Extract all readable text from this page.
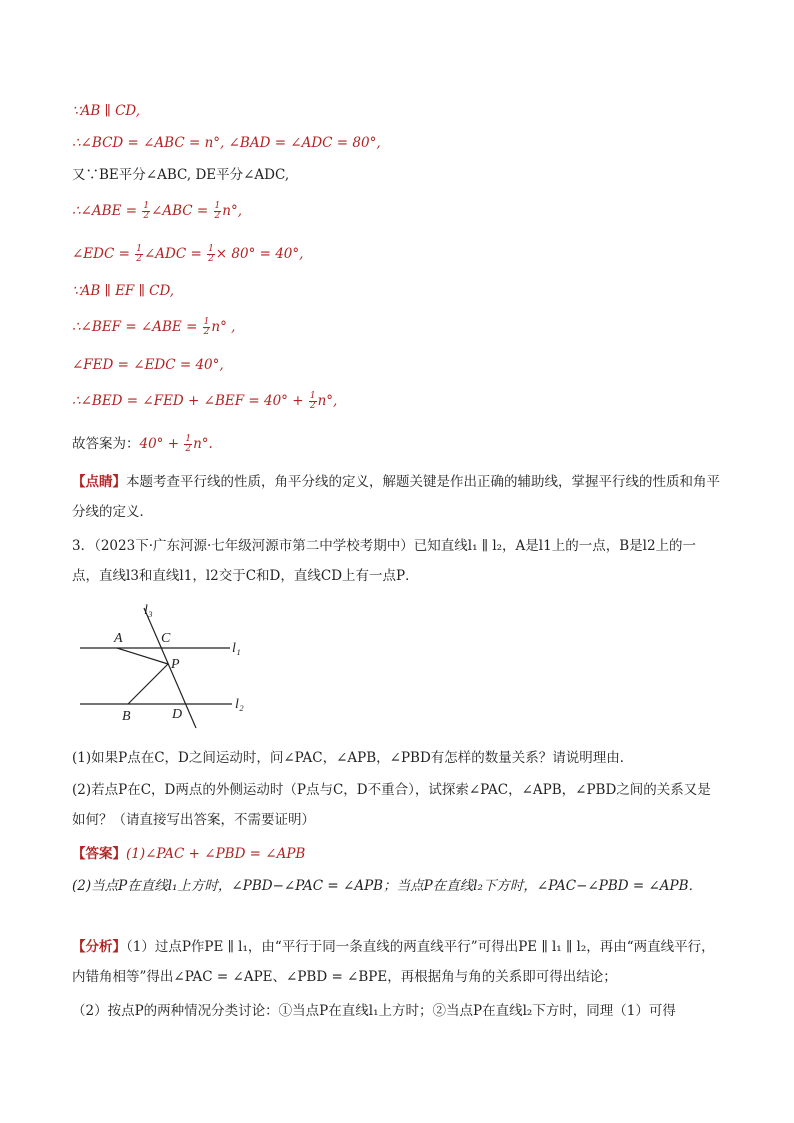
∵AB ∥ CD,
∴∠BCD = ∠ABC = n°, ∠BAD = ∠ADC = 80°,
又∵BE平分∠ABC, DE平分∠ADC,
∴∠ABE = $\frac{1}{2}$ ∠ABC = $\frac{1}{2} n^\circ$,
∠EDC = $\frac{1}{2}$ ∠ADC = $\frac{1}{2} \times 80^\circ = 40^\circ$,
∵AB ∥ EF ∥ CD,
∴∠BEF = ∠ABE = $\frac{1}{2} n^\circ$ ,
∠FED = ∠EDC = 40°,
∴∠BED = ∠FED + ∠BEF = $40^\circ + \frac{1}{2} n^\circ$,
故答案为：$40^\circ + \frac{1}{2} n^\circ$.
【点睛】本题考查平行线的性质，角平分线的定义，解题关键是作出正确的辅助线，掌握平行线的性质和角平分线的定义．
3．（2023下·广东河源·七年级河源市第二中学校考期中）已知直线l₁ ∥ l₂，A是l1上的一点，B是l2上的一点，直线l3和直线l1，l2交于C和D，直线CD上有一点P．
l₃
l₁
l₂
A	C
P
B	D
(1)如果P点在C，D之间运动时，问∠PAC，∠APB，∠PBD有怎样的数量关系？请说明理由．
(2)若点P在C，D两点的外侧运动时（P点与C，D不重合），试探索∠PAC，∠APB，∠PBD之间的关系又是如何？（请直接写出答案，不需要证明）
【答案】(1)∠PAC + ∠PBD = ∠APB
(2)当点P在直线l₁上方时，∠PBD−∠PAC = ∠APB；当点P在直线l₂下方时，∠PAC−∠PBD = ∠APB．
【分析】（1）过点P作PE ∥ l₁，由“平行于同一条直线的两直线平行”可得出PE ∥ l₁ ∥ l₂，再由“两直线平行，内错角相等”得出∠PAC = ∠APE、∠PBD = ∠BPE，再根据角与角的关系即可得出结论；
（2）按点P的两种情况分类讨论：①当点P在直线l₁上方时；②当点P在直线l₂下方时，同理（1）可得
